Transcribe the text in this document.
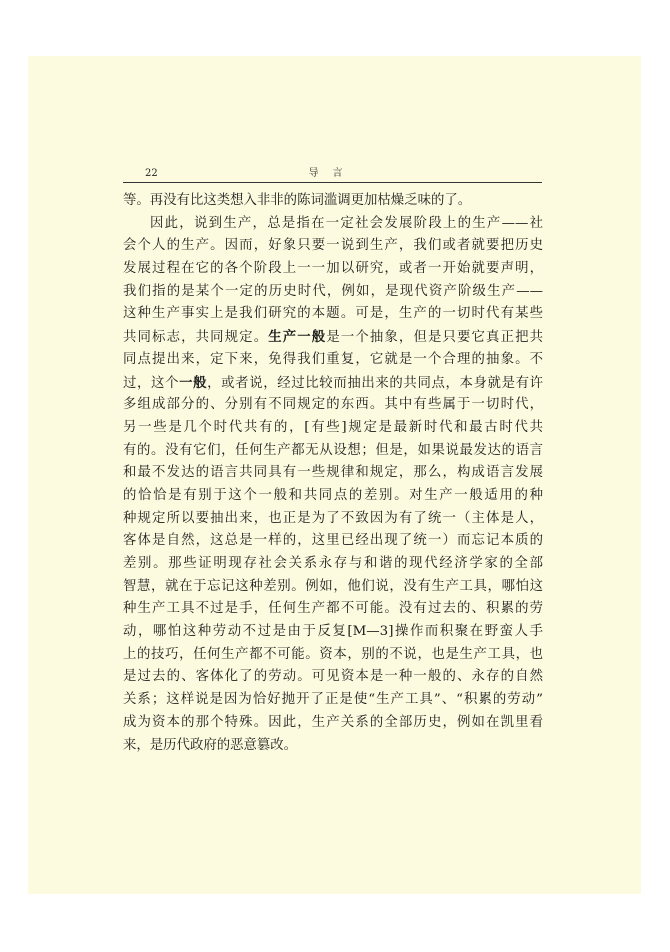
22	导言
等。再没有比这类想入非非的陈词滥调更加枯燥乏味的了。
因此，说到生产，总是指在一定社会发展阶段上的生产——社
会个人的生产。因而，好象只要一说到生产，我们或者就要把历史
发展过程在它的各个阶段上一一加以研究，或者一开始就要声明，
我们指的是某个一定的历史时代，例如，是现代资产阶级生产——
这种生产事实上是我们研究的本题。可是，生产的一切时代有某些
共同标志，共同规定。生产一般是一个抽象，但是只要它真正把共
同点提出来，定下来，免得我们重复，它就是一个合理的抽象。不
过，这个一般，或者说，经过比较而抽出来的共同点，本身就是有许
多组成部分的、分别有不同规定的东西。其中有些属于一切时代，
另一些是几个时代共有的，[有些]规定是最新时代和最古时代共
有的。没有它们，任何生产都无从设想；但是，如果说最发达的语言
和最不发达的语言共同具有一些规律和规定，那么，构成语言发展
的恰恰是有别于这个一般和共同点的差别。对生产一般适用的种
种规定所以要抽出来，也正是为了不致因为有了统一（主体是人，
客体是自然，这总是一样的，这里已经出现了统一）而忘记本质的
差别。那些证明现存社会关系永存与和谐的现代经济学家的全部
智慧，就在于忘记这种差别。例如，他们说，没有生产工具，哪怕这
种生产工具不过是手，任何生产都不可能。没有过去的、积累的劳
动，哪怕这种劳动不过是由于反复[M—3]操作而积聚在野蛮人手
上的技巧，任何生产都不可能。资本，别的不说，也是生产工具，也
是过去的、客体化了的劳动。可见资本是一种一般的、永存的自然
关系；这样说是因为恰好抛开了正是使“生产工具”、“积累的劳动”
成为资本的那个特殊。因此，生产关系的全部历史，例如在凯里看
来，是历代政府的恶意篡改。
